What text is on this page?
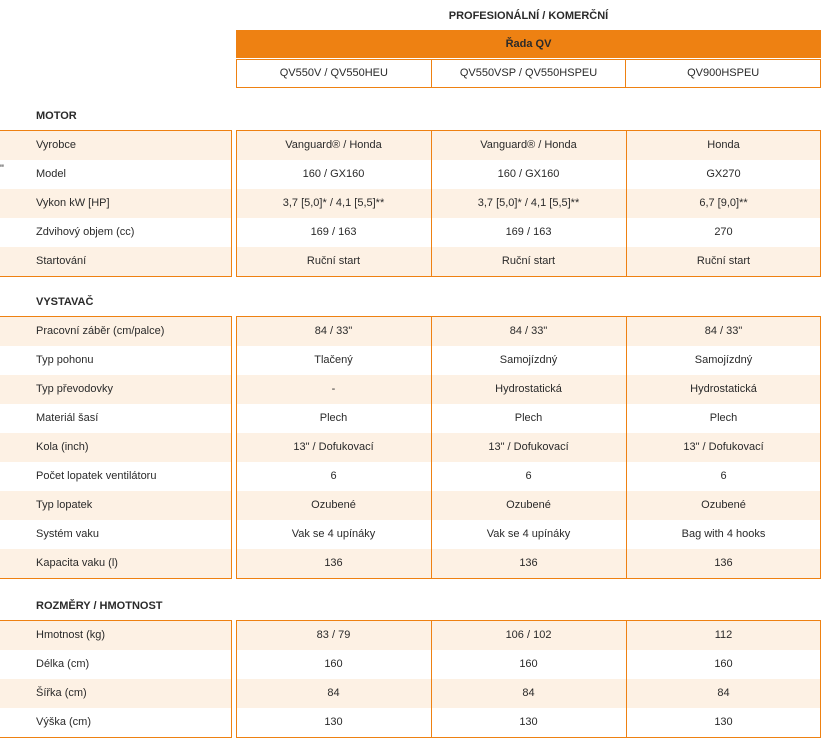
PROFESIONÁLNÍ / KOMERČNÍ
Řada QV
QV550V / QV550HEU	QV550VSP / QV550HSPEU	QV900HSPEU
"
MOTOR
Vyrobce	Vanguard® / Honda	Vanguard® / Honda	Honda
Model	160 / GX160	160 / GX160	GX270
Vykon kW [HP]	3,7 [5,0]* / 4,1 [5,5]**	3,7 [5,0]* / 4,1 [5,5]**	6,7 [9,0]**
Zdvihový objem (cc)	169 / 163	169 / 163	270
Startování	Ruční start	Ruční start	Ruční start
VYSTAVAČ
Pracovní záběr (cm/palce)	84 / 33"	84 / 33"	84 / 33"
Typ pohonu	Tlačený	Samojízdný	Samojízdný
Typ převodovky	-	Hydrostatická	Hydrostatická
Materiál šasí	Plech	Plech	Plech
Kola (inch)	13" / Dofukovací	13" / Dofukovací	13" / Dofukovací
Počet lopatek ventilátoru	6	6	6
Typ lopatek	Ozubené	Ozubené	Ozubené
Systém vaku	Vak se 4 upínáky	Vak se 4 upínáky	Bag with 4 hooks
Kapacita vaku (l)	136	136	136
ROZMĚRY / HMOTNOST
Hmotnost (kg)	83 / 79	106 / 102	112
Délka (cm)	160	160	160
Šířka (cm)	84	84	84
Výška (cm)	130	130	130
